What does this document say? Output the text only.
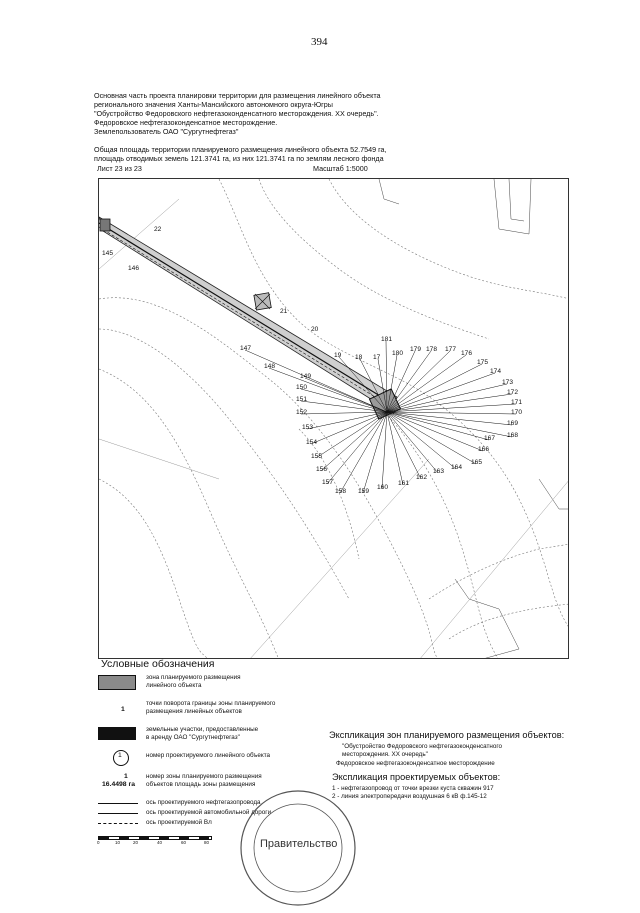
394
Основная часть проекта планировки территории для размещения линейного объекта
регионального значения Ханты-Мансийского автономного округа-Югры
"Обустройство Федоровского нефтегазоконденсатного месторождения. XX очередь".
Федоровское нефтегазоконденсатное месторождение.
Землепользователь ОАО "Сургутнефтегаз"
Общая площадь территории планируемого размещения линейного объекта 52.7549 га,
площадь отводимых земель 121.3741 га, из них 121.3741 га по землям лесного фонда
Лист 23 из 23	Масштаб 1:5000
145
146
22
21
20
147
148
149
150
151
152
153
154
155
156
157
158 159
160
161
162
163
164
165
166
167 168
169
170
171
172
173
174
175
176
177
178
179
180
181
17
18
19
Условные обозначения
зона планируемого размещения линейного объекта
1
точки поворота границы зоны планируемого
размещения линейных объектов
земельные участки, предоставленные
в аренду ОАО "Сургутнефтегаз"
1	номер проектируемого линейного объекта
1	номер зоны планируемого размещения
16.4498 га объектов площадь зоны размещения
ось проектируемого нефтегазопровода
ось проектируемой автомобильной дороги
ось проектируемой Вл
0	10	20	40	60	80
Экспликация зон планируемого размещения объектов:
"Обустройство Федоровского нефтегазоконденсатного
месторождения. XX очередь"
Федоровское нефтегазоконденсатное месторождение
Экспликация проектируемых объектов:
1 - нефтегазопровод от точки врезки куста скважин 917
2 - линия электропередачи воздушная 6 кВ ф.145-12
Правительство
